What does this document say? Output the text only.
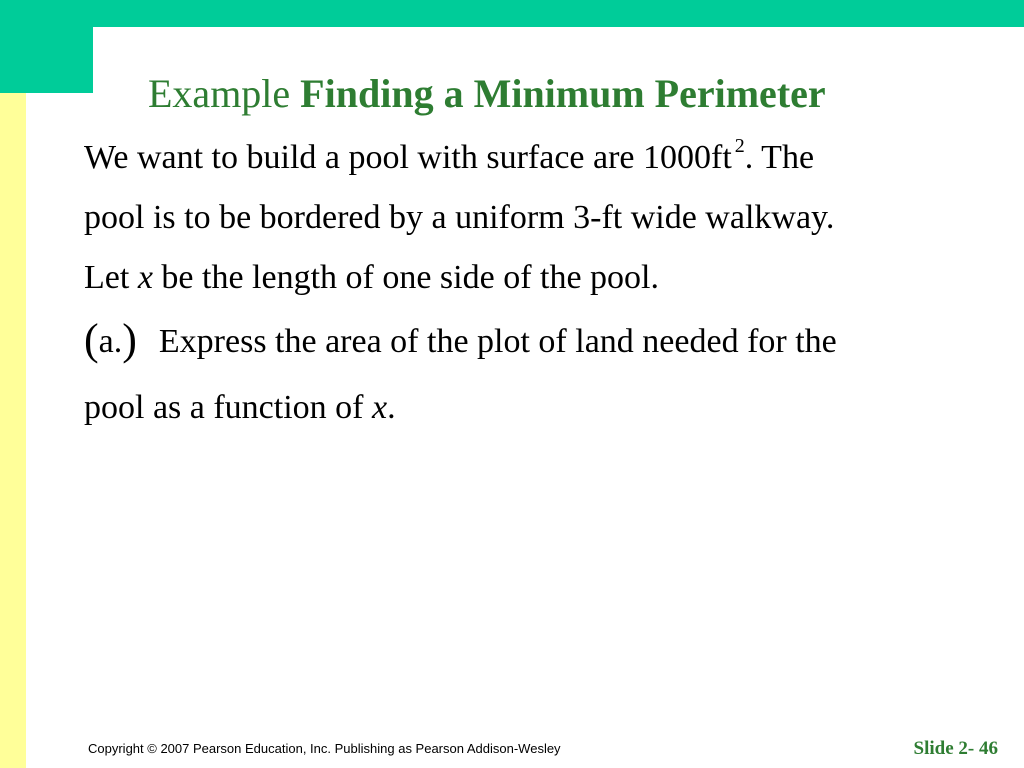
Example Finding a Minimum Perimeter

We want to build a pool with surface are 1000ft $^2$. The

pool is to be bordered by a uniform 3-ft wide walkway.

Let x be the length of one side of the pool.

(a.) Express the area of the plot of land needed for the

pool as a function of x.

Copyright © 2007 Pearson Education, Inc. Publishing as Pearson Addison-Wesley	Slide 2- 46
